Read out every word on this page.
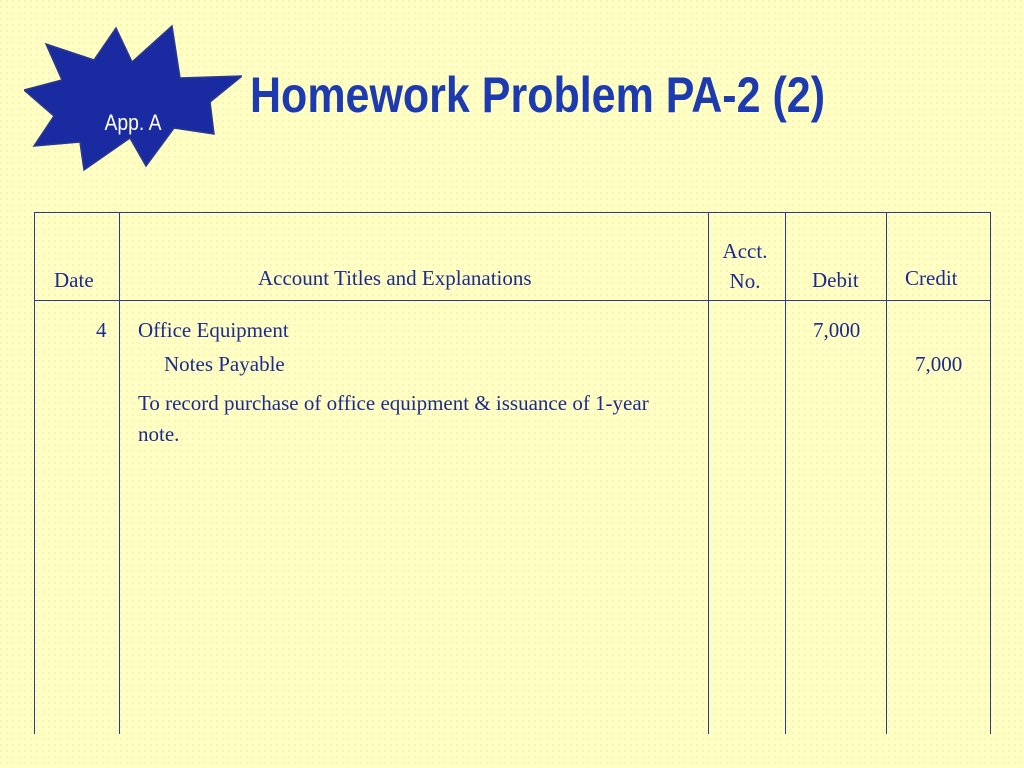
App. A Homework Problem PA-2 (2)
Date	Account Titles and Explanations
Acct. No.	Debit Credit
4 Office Equipment
Notes Payable
To record purchase of office equipment & issuance of 1-year note.
7,000
7,000
